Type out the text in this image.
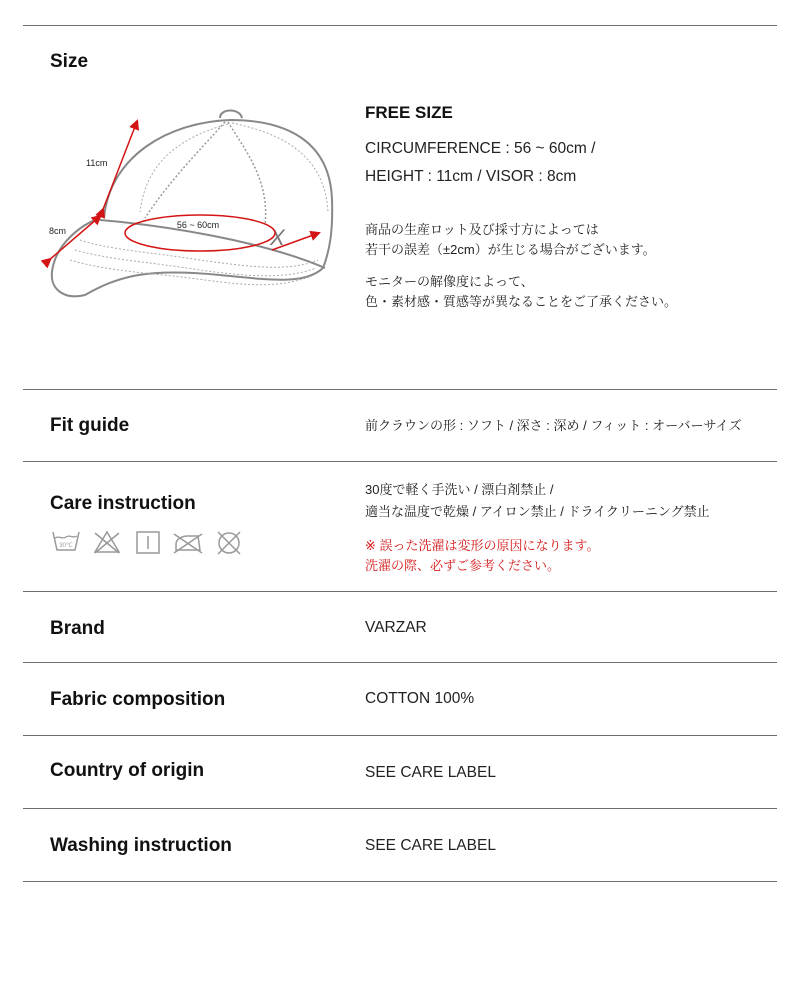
Size
X
56 ~ 60cm
11cm
8cm
FREE SIZE
CIRCUMFERENCE : 56 ~ 60cm /
HEIGHT : 11cm / VISOR : 8cm
商品の生産ロット及び採寸方によっては
若干の誤差（±2cm）が生じる場合がございます。
モニターの解像度によって、
色・素材感・質感等が異なることをご了承ください。
Fit guide	前クラウンの形 : ソフト / 深さ : 深め / フィット : オーバーサイズ
Care instruction
30℃
30度で軽く手洗い / 漂白剤禁止 /
適当な温度で乾燥 / アイロン禁止 / ドライクリーニング禁止
※ 誤った洗濯は変形の原因になります。
洗濯の際、必ずご参考ください。
Brand	VARZAR
Fabric composition	COTTON 100%
Country of origin	SEE CARE LABEL
Washing instruction	SEE CARE LABEL
